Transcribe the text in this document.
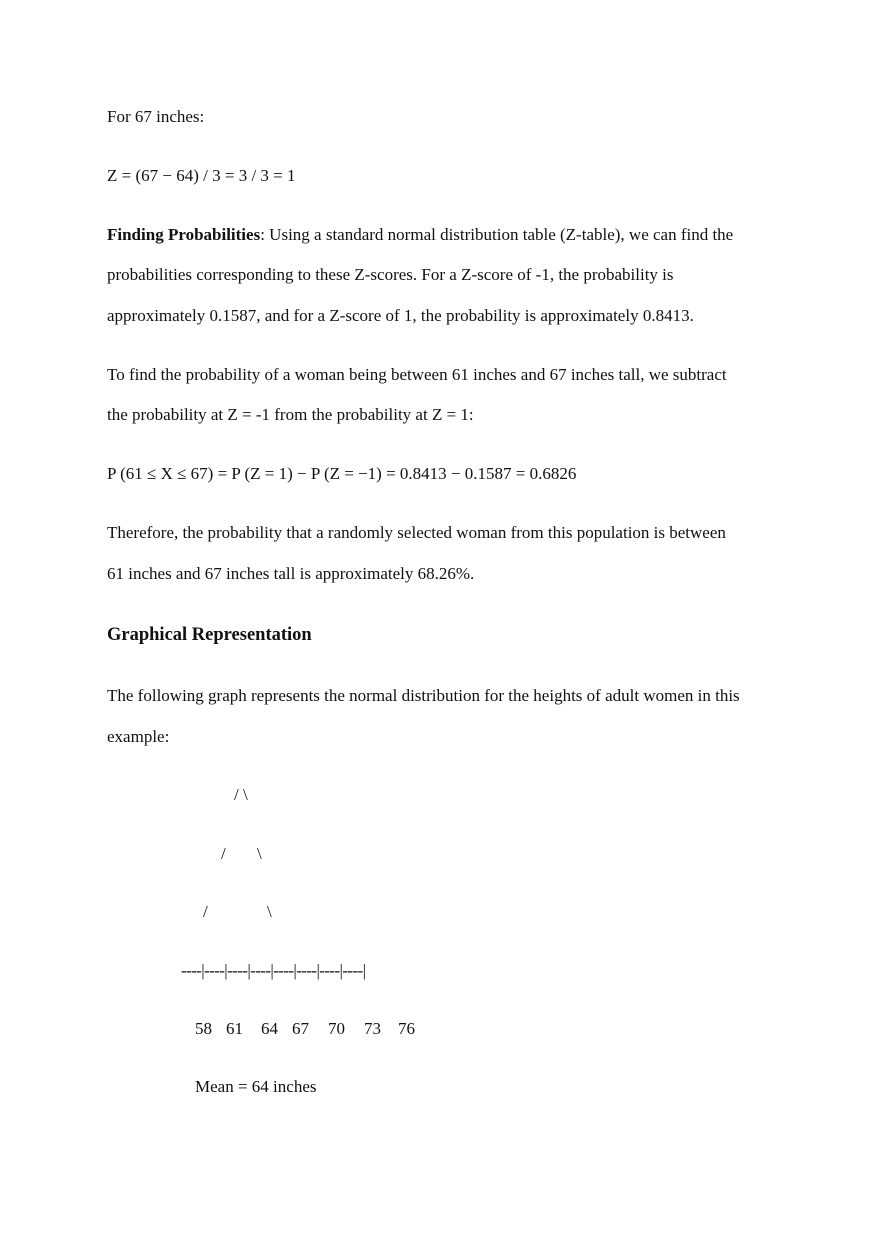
For 67 inches:
Z = (67 − 64) / 3 = 3 / 3 = 1
Finding Probabilities: Using a standard normal distribution table (Z-table), we can find the
probabilities corresponding to these Z-scores. For a Z-score of -1, the probability is
approximately 0.1587, and for a Z-score of 1, the probability is approximately 0.8413.
To find the probability of a woman being between 61 inches and 67 inches tall, we subtract
the probability at Z = -1 from the probability at Z = 1:
P (61 ≤ X ≤ 67) = P (Z = 1) − P (Z = −1) = 0.8413 − 0.1587 = 0.6826
Therefore, the probability that a randomly selected woman from this population is between
61 inches and 67 inches tall is approximately 68.26%.
Graphical Representation
The following graph represents the normal distribution for the heights of adult women in this
example:
/ \
/ \
/	\
----|----|----|----|----|----|----|----|
58 61 64 67 70 73 76
Mean = 64 inches
